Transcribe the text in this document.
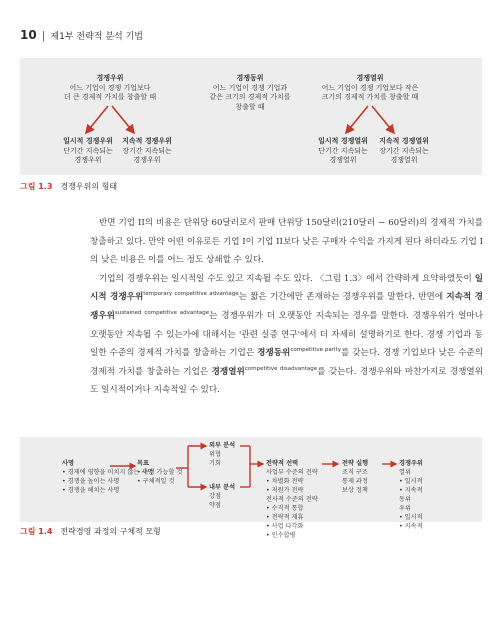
10 | 제1부 전략적 분석 기법
경쟁우위
어느 기업이 경쟁 기업보다
더 큰 경제적 가치를 창출할 때
경쟁동위
어느 기업이 경쟁 기업과
같은 크기의 경제적 가치를
창출할 때
경쟁열위
어느 기업이 경쟁 기업보다 작은
크기의 경제적 가치를 창출할 때
일시적 경쟁우위
단기간 지속되는
경쟁우위
지속적 경쟁우위
장기간 지속되는
경쟁우위
일시적 경쟁열위
단기간 지속되는
경쟁열위
지속적 경쟁열위
장기간 지속되는
경쟁열위
그림 1.3 경쟁우위의 형태

반면 기업 II의 비용은 단위당 60달러로서 판매 단위당 150달러(210달러 − 60달러)의 경제적 가치를 창출하고 있다. 만약 어떤 이유로든 기업 I이 기업 II보다 낮은 구매자 수익을 가지게 된다 하더라도 기업 I의 낮은 비용은 이를 어느 정도 상쇄할 수 있다.

기업의 경쟁우위는 일시적일 수도 있고 지속될 수도 있다. 〈그림 1.3〉에서 간략하게 요약하였듯이 일시적 경쟁우위$^{temporary competitive advantage}$는 짧은 기간에만 존재하는 경쟁우위를 말한다. 반면에 지속적 경쟁우위$^{sustained competitive advantage}$는 경쟁우위가 더 오랫동안 지속되는 경우를 말한다. 경쟁우위가 얼마나 오랫동안 지속될 수 있는가에 대해서는 '관련 실증 연구'에서 더 자세히 설명하기로 한다. 경쟁 기업과 동일한 수준의 경제적 가치를 창출하는 기업은 경쟁동위$^{competitive parity}$를 갖는다. 경쟁 기업보다 낮은 수준의 경제적 가치를 창출하는 기업은 경쟁열위$^{competitive disadvantage}$를 갖는다. 경쟁우위와 마찬가지로 경쟁열위도 일시적이거나 지속적일 수 있다.

사명
• 경제에 영향을 미치지 않는 사명
• 경쟁을 높이는 사명
• 경쟁을 해치는 사명
목표
• 측정 가능할 것
• 구체적일 것
외부 분석
위협
기회
내부 분석
강점
약점
전략적 선택
사업부 수준의 전략
• 차별화 전략
• 저원가 전략
전사적 수준의 전략
• 수직적 통합
• 전략적 제휴
• 사업 다각화
• 인수합병
전략 실행
조직 구조
통제 과정
보상 정책
경쟁우위
열위
• 일시적
• 지속적
동위
우위
• 일시적
• 지속적
그림 1.4 전략경영 과정의 구체적 모형
